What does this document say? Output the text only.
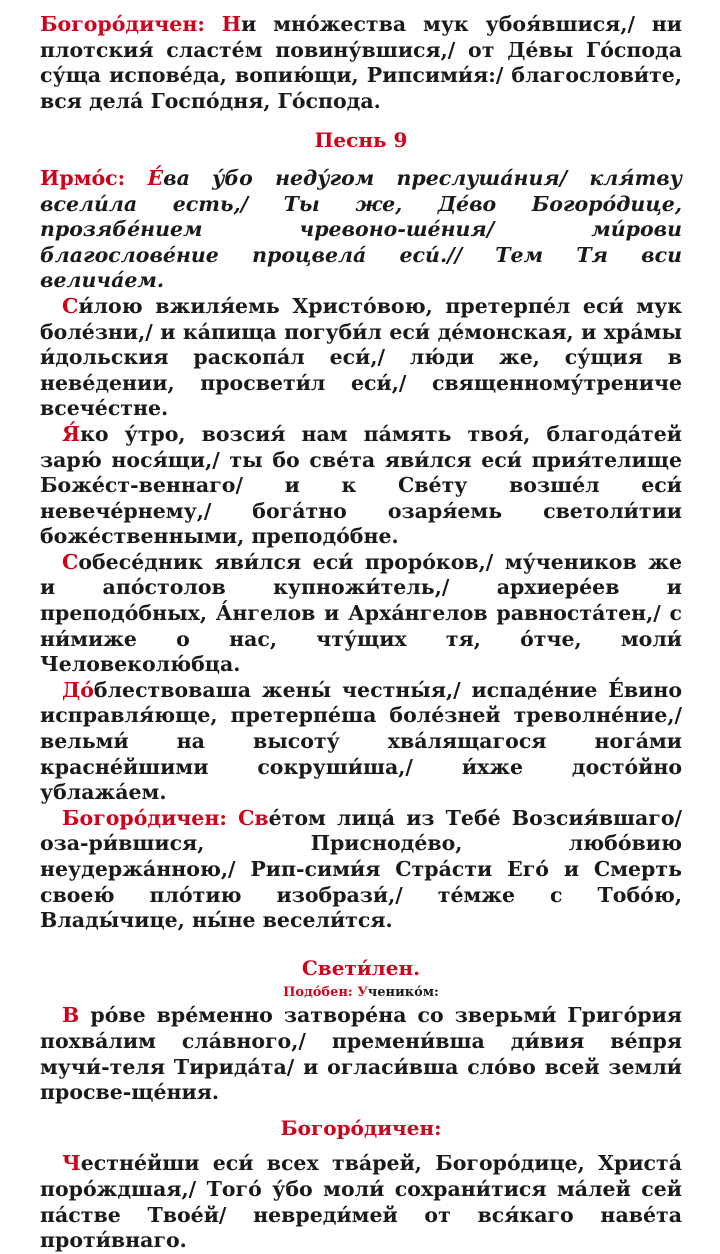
Богоро́дичен: Ни мно́жества мук убоя́вшися,/ ни плотския́ сласте́м повину́вшися,/ от Де́вы Го́спода су́ща испове́да, вопию́щи, Рипсими́я:/ благослови́те, вся дела́ Госпо́дня, Го́спода.

Песнь 9

Ирмо́с: Е́ва у́бо неду́гом преслуша́ния/ кля́тву всели́ла есть,/ Ты же, Де́во Богоро́дице, прозябе́нием чревоно-ше́ния/ ми́рови благослове́ние процвела́ еси́.// Тем Тя вси велича́ем.

Си́лою вжиля́емь Христо́вою, претерпе́л еси́ мук боле́зни,/ и ка́пища погуби́л еси́ де́монская, и хра́мы и́дольския раскопа́л еси́,/ лю́ди же, су́щия в неве́дении, просвети́л еси́,/ священному́трениче всече́стне.

Я́ко у́тро, возсия́ нам па́мять твоя́, благода́тей зарю́ нося́щи,/ ты бо све́та яви́лся еси́ прия́телище Боже́ст-веннаго/ и к Све́ту возше́л еси́ невече́рнему,/ бога́тно озаря́емь светоли́тии боже́ственными, преподо́бне.

Собесе́дник яви́лся еси́ проро́ков,/ му́чеников же и апо́столов купножи́тель,/ архиере́ев и преподо́бных, А́нгелов и Арха́нгелов равноста́тен,/ с ни́миже о нас, чту́щих тя, о́тче, моли́ Человеколю́бца.

До́блествоваша жены́ честны́я,/ испаде́ние Е́вино исправля́юще, претерпе́ша боле́зней треволне́ние,/ вельми́ на высоту́ хва́лящагося нога́ми красне́йшими сокруши́ша,/ и́хже досто́йно ублажа́ем.

Богоро́дичен: Све́том лица́ из Тебе́ Возсия́вшаго/ оза-ри́вшися, Присноде́во, любо́вию неудержа́нною,/ Рип-сими́я Стра́сти Его́ и Смерть своею́ пло́тию изобрази́,/ те́мже с Тобо́ю, Влады́чице, ны́не весели́тся.

Свети́лен.

Подо́бен: Ученико́м:

В ро́ве вре́менно затворе́на со зверьми́ Григо́рия похва́лим сла́вного,/ премени́вша ди́вия ве́пря мучи́-теля Тирида́та/ и огласи́вша сло́во всей земли́ просве-ще́ния.

Богоро́дичен:

Честне́йши еси́ всех тва́рей, Богоро́дице, Христа́ поро́ждшая,/ Того́ у́бо моли́ сохрани́тися ма́лей сей па́стве Твое́й/ невреди́мей от вся́каго наве́та проти́внаго.
